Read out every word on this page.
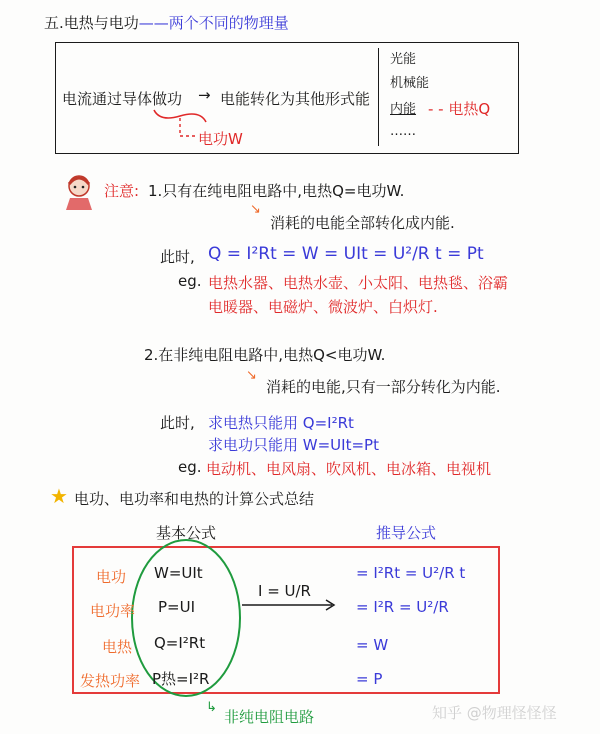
五.电热与电功——两个不同的物理量
电流通过导体做功 → 电能转化为其他形式能
光能
机械能
内能
……
- - 电热Q
电功W
注意: 1.只有在纯电阻电路中,电热Q=电功W.
↘
消耗的电能全部转化成内能.
此时, Q = I²Rt = W = UIt = U²/R t = Pt
eg. 电热水器、电热水壶、小太阳、电热毯、浴霸
电暖器、电磁炉、微波炉、白炽灯.
2.在非纯电阻电路中,电热Q<电功W.
↘
消耗的电能,只有一部分转化为内能.
此时, 求电热只能用 Q=I²Rt
求电功只能用 W=UIt=Pt
eg. 电动机、电风扇、吹风机、电冰箱、电视机
★ 电功、电功率和电热的计算公式总结
基本公式	推导公式
电功 W=UIt	= I²Rt = U²/R t
电功率 P=UI	= I²R = U²/R
电热 Q=I²Rt	= W
发热功率 P热=I²R	= P
I = U/R
↳
非纯电阻电路	知乎 @物理怪怪怪
